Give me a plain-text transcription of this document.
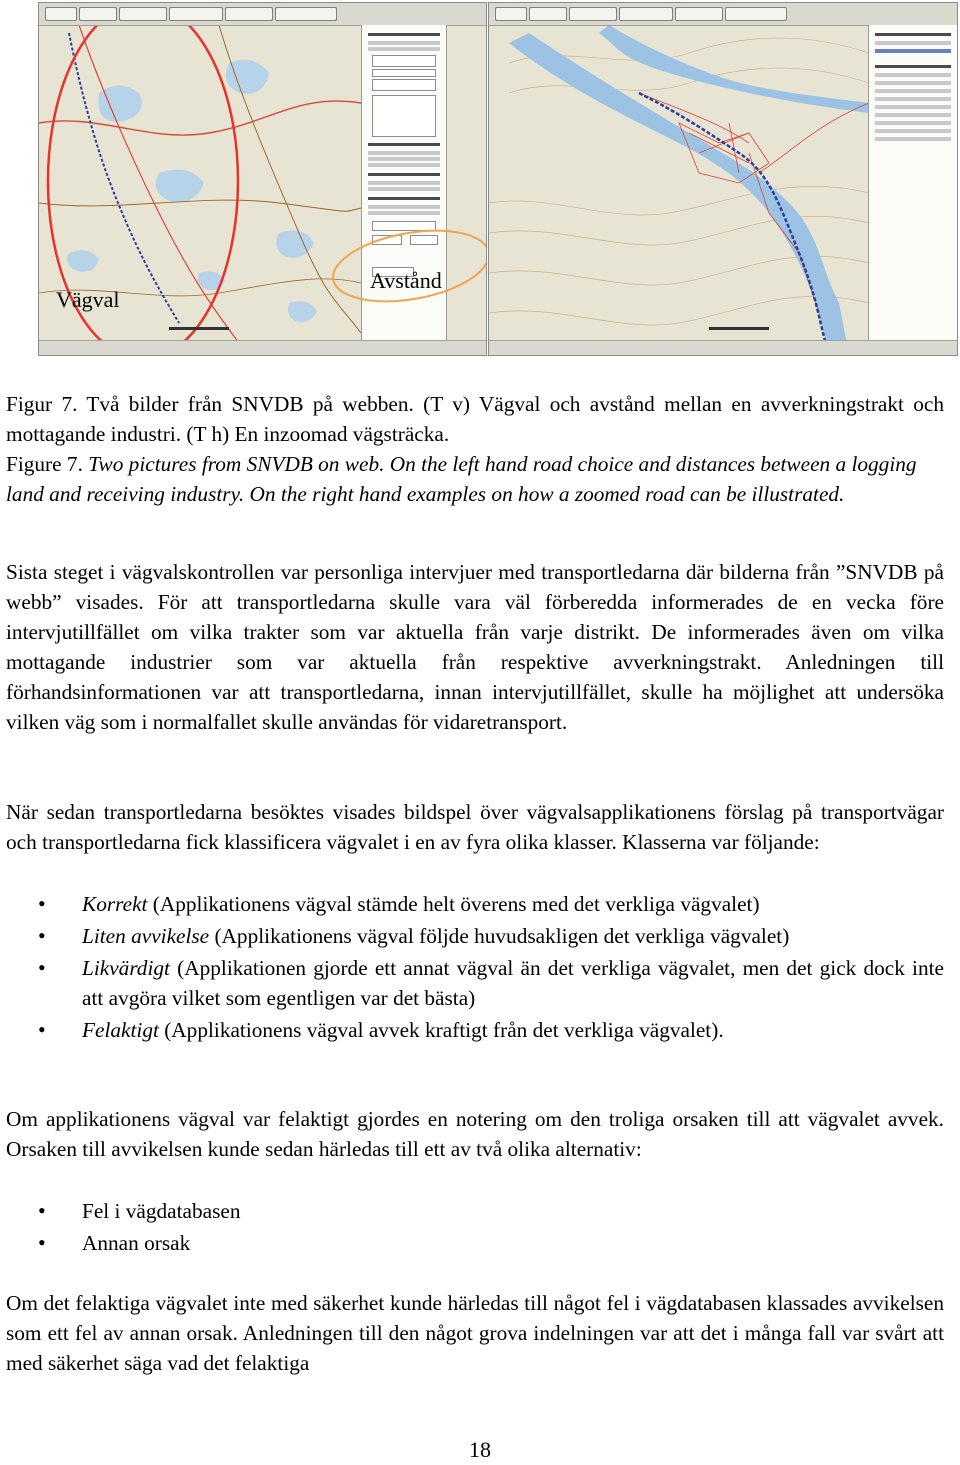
Vägval
Avstånd
Figur 7. Två bilder från SNVDB på webben. (T v) Vägval och avstånd mellan en avverkningstrakt och mottagande industri. (T h) En inzoomad vägsträcka.
Figure 7. Two pictures from SNVDB on web. On the left hand road choice and distances between a logging land and receiving industry. On the right hand examples on how a zoomed road can be illustrated.

Sista steget i vägvalskontrollen var personliga intervjuer med transportledarna där bilderna från ”SNVDB på webb” visades. För att transportledarna skulle vara väl förberedda informerades de en vecka före intervjutillfället om vilka trakter som var aktuella från varje distrikt. De informerades även om vilka mottagande industrier som var aktuella från respektive avverkningstrakt. Anledningen till förhandsinformationen var att transportledarna, innan intervjutillfället, skulle ha möjlighet att undersöka vilken väg som i normalfallet skulle användas för vidaretransport.

När sedan transportledarna besöktes visades bildspel över vägvalsapplikationens förslag på transportvägar och transportledarna fick klassificera vägvalet i en av fyra olika klasser. Klasserna var följande:

• Korrekt (Applikationens vägval stämde helt överens med det verkliga vägvalet)
• Liten avvikelse (Applikationens vägval följde huvudsakligen det verkliga vägvalet)
• Likvärdigt (Applikationen gjorde ett annat vägval än det verkliga vägvalet, men det gick dock inte att avgöra vilket som egentligen var det bästa)
• Felaktigt (Applikationens vägval avvek kraftigt från det verkliga vägvalet).

Om applikationens vägval var felaktigt gjordes en notering om den troliga orsaken till att vägvalet avvek. Orsaken till avvikelsen kunde sedan härledas till ett av två olika alternativ:

• Fel i vägdatabasen
• Annan orsak

Om det felaktiga vägvalet inte med säkerhet kunde härledas till något fel i vägdatabasen klassades avvikelsen som ett fel av annan orsak. Anledningen till den något grova indelningen var att det i många fall var svårt att med säkerhet säga vad det felaktiga

18
